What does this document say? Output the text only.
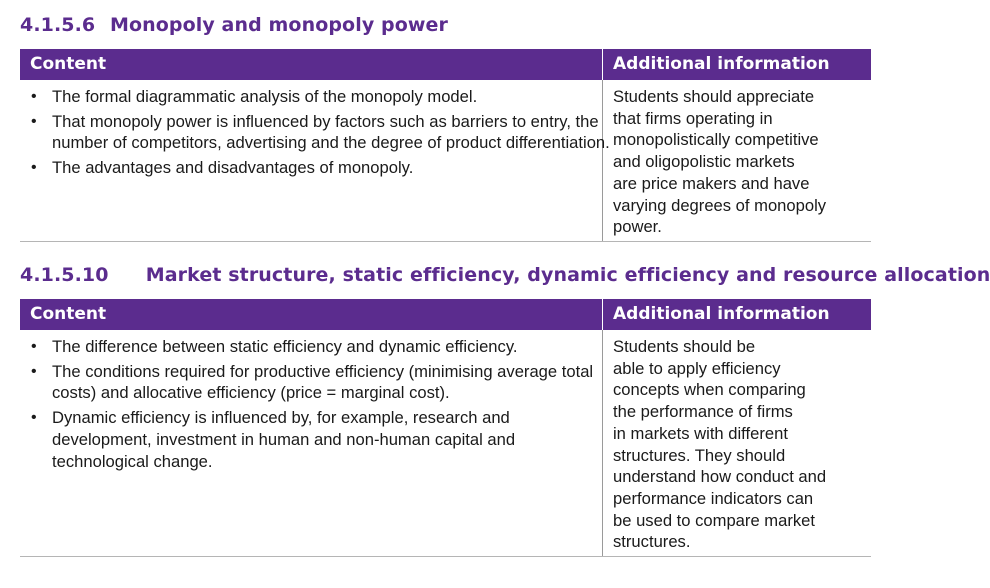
4.1.5.6 Monopoly and monopoly power
Content	Additional information
• The formal diagrammatic analysis of the monopoly model.
• That monopoly power is influenced by factors such as barriers to entry, the number of competitors, advertising and the degree of product differentiation.
• The advantages and disadvantages of monopoly.
Students should appreciate
that firms operating in
monopolistically competitive
and oligopolistic markets
are price makers and have
varying degrees of monopoly
power.
4.1.5.10 Market structure, static efficiency, dynamic efficiency and resource allocation
Content	Additional information
• The difference between static efficiency and dynamic efficiency.
• The conditions required for productive efficiency (minimising average total costs) and allocative efficiency (price = marginal cost).
• Dynamic efficiency is influenced by, for example, research and development, investment in human and non-human capital and technological change.
Students should be
able to apply efficiency
concepts when comparing
the performance of firms
in markets with different
structures. They should
understand how conduct and
performance indicators can
be used to compare market
structures.
